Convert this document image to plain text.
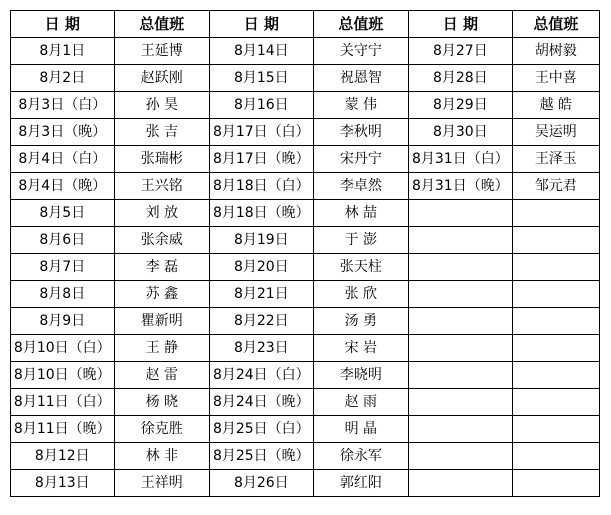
日 期	总值班	日 期	总值班	日 期	总值班
8月1日	王延博	8月14日	关守宁	8月27日	胡树毅
8月2日	赵跃刚	8月15日	祝恩智	8月28日	王中喜
8月3日（白）	孙 昊	8月16日	蒙 伟	8月29日	越 皓
8月3日（晚）	张 吉	8月17日（白）	李秋明	8月30日	吴运明
8月4日（白）	张瑞彬	8月17日（晚）	宋丹宁	8月31日（白）	王泽玉
8月4日（晚）	王兴铭	8月18日（白）	李卓然	8月31日（晚）	邹元君
8月5日	刘 放	8月18日（晚）	林 喆		
8月6日	张余威	8月19日	于 澎		
8月7日	李 磊	8月20日	张天柱		
8月8日	苏 鑫	8月21日	张 欣		
8月9日	瞿新明	8月22日	汤 勇		
8月10日（白）	王 静	8月23日	宋 岩		
8月10日（晚）	赵 雷	8月24日（白）	李晓明		
8月11日（白）	杨 晓	8月24日（晚）	赵 雨		
8月11日（晚）	徐克胜	8月25日（白）	明 晶		
8月12日	林 非	8月25日（晚）	徐永军		
8月13日	王祥明	8月26日	郭红阳		
